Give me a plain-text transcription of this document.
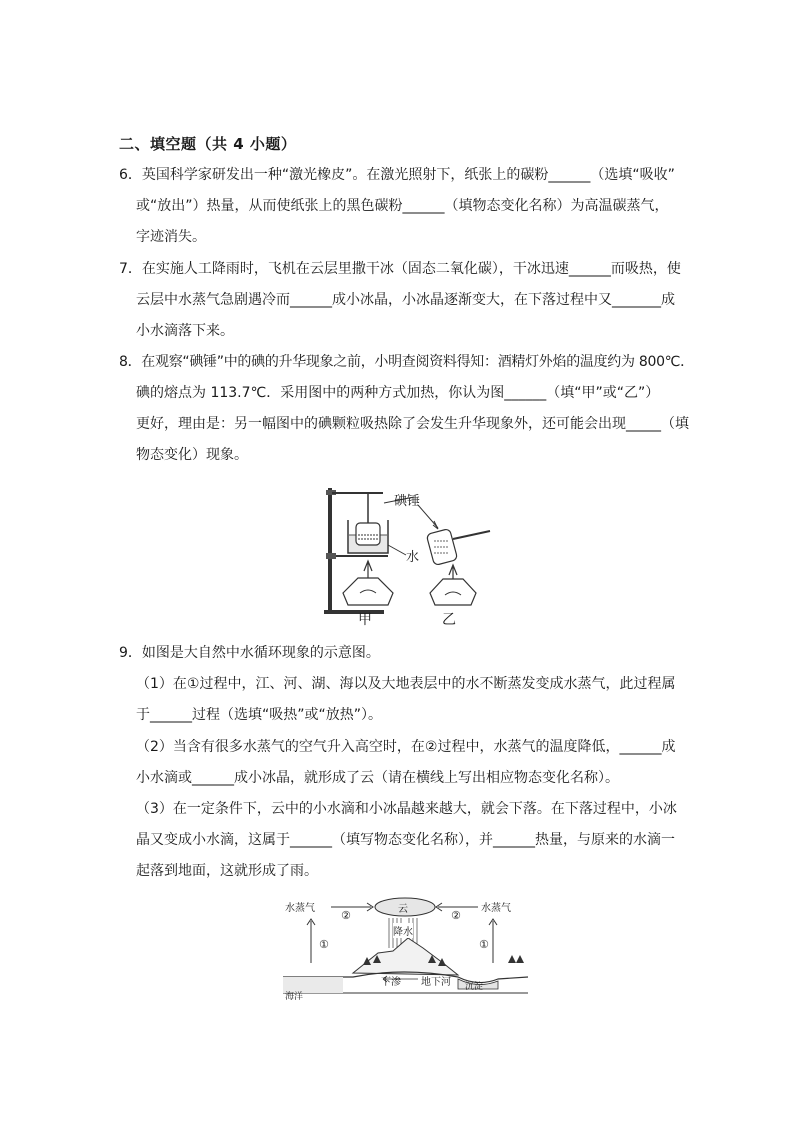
二、填空题（共 4 小题）
6．英国科学家研发出一种“激光橡皮”。在激光照射下，纸张上的碳粉______（选填“吸收”
或“放出”）热量，从而使纸张上的黑色碳粉______（填物态变化名称）为高温碳蒸气，
字迹消失。
7．在实施人工降雨时，飞机在云层里撒干冰（固态二氧化碳），干冰迅速______而吸热，使
云层中水蒸气急剧遇冷而______成小冰晶，小冰晶逐渐变大，在下落过程中又_______成
小水滴落下来。
8．在观察“碘锤”中的碘的升华现象之前，小明查阅资料得知：酒精灯外焰的温度约为 800℃．
碘的熔点为 113.7℃．采用图中的两种方式加热，你认为图______（填“甲”或“乙”）
更好，理由是：另一幅图中的碘颗粒吸热除了会发生升华现象外，还可能会出现_____（填
物态变化）现象。
碘锤
水
甲	乙
9．如图是大自然中水循环现象的示意图。
（1）在①过程中，江、河、湖、海以及大地表层中的水不断蒸发变成水蒸气，此过程属
于______过程（选填“吸热”或“放热”）。
（2）当含有很多水蒸气的空气升入高空时，在②过程中，水蒸气的温度降低，______成
小水滴或______成小冰晶，就形成了云（请在横线上写出相应物态变化名称）。
（3）在一定条件下，云中的小水滴和小冰晶越来越大，就会下落。在下落过程中，小冰
晶又变成小水滴，这属于______（填写物态变化名称），并______热量，与原来的水滴一
起落到地面，这就形成了雨。
水蒸气	水蒸气
云
降水
②	②
①	①
下渗 地下河
海洋
沉淀
